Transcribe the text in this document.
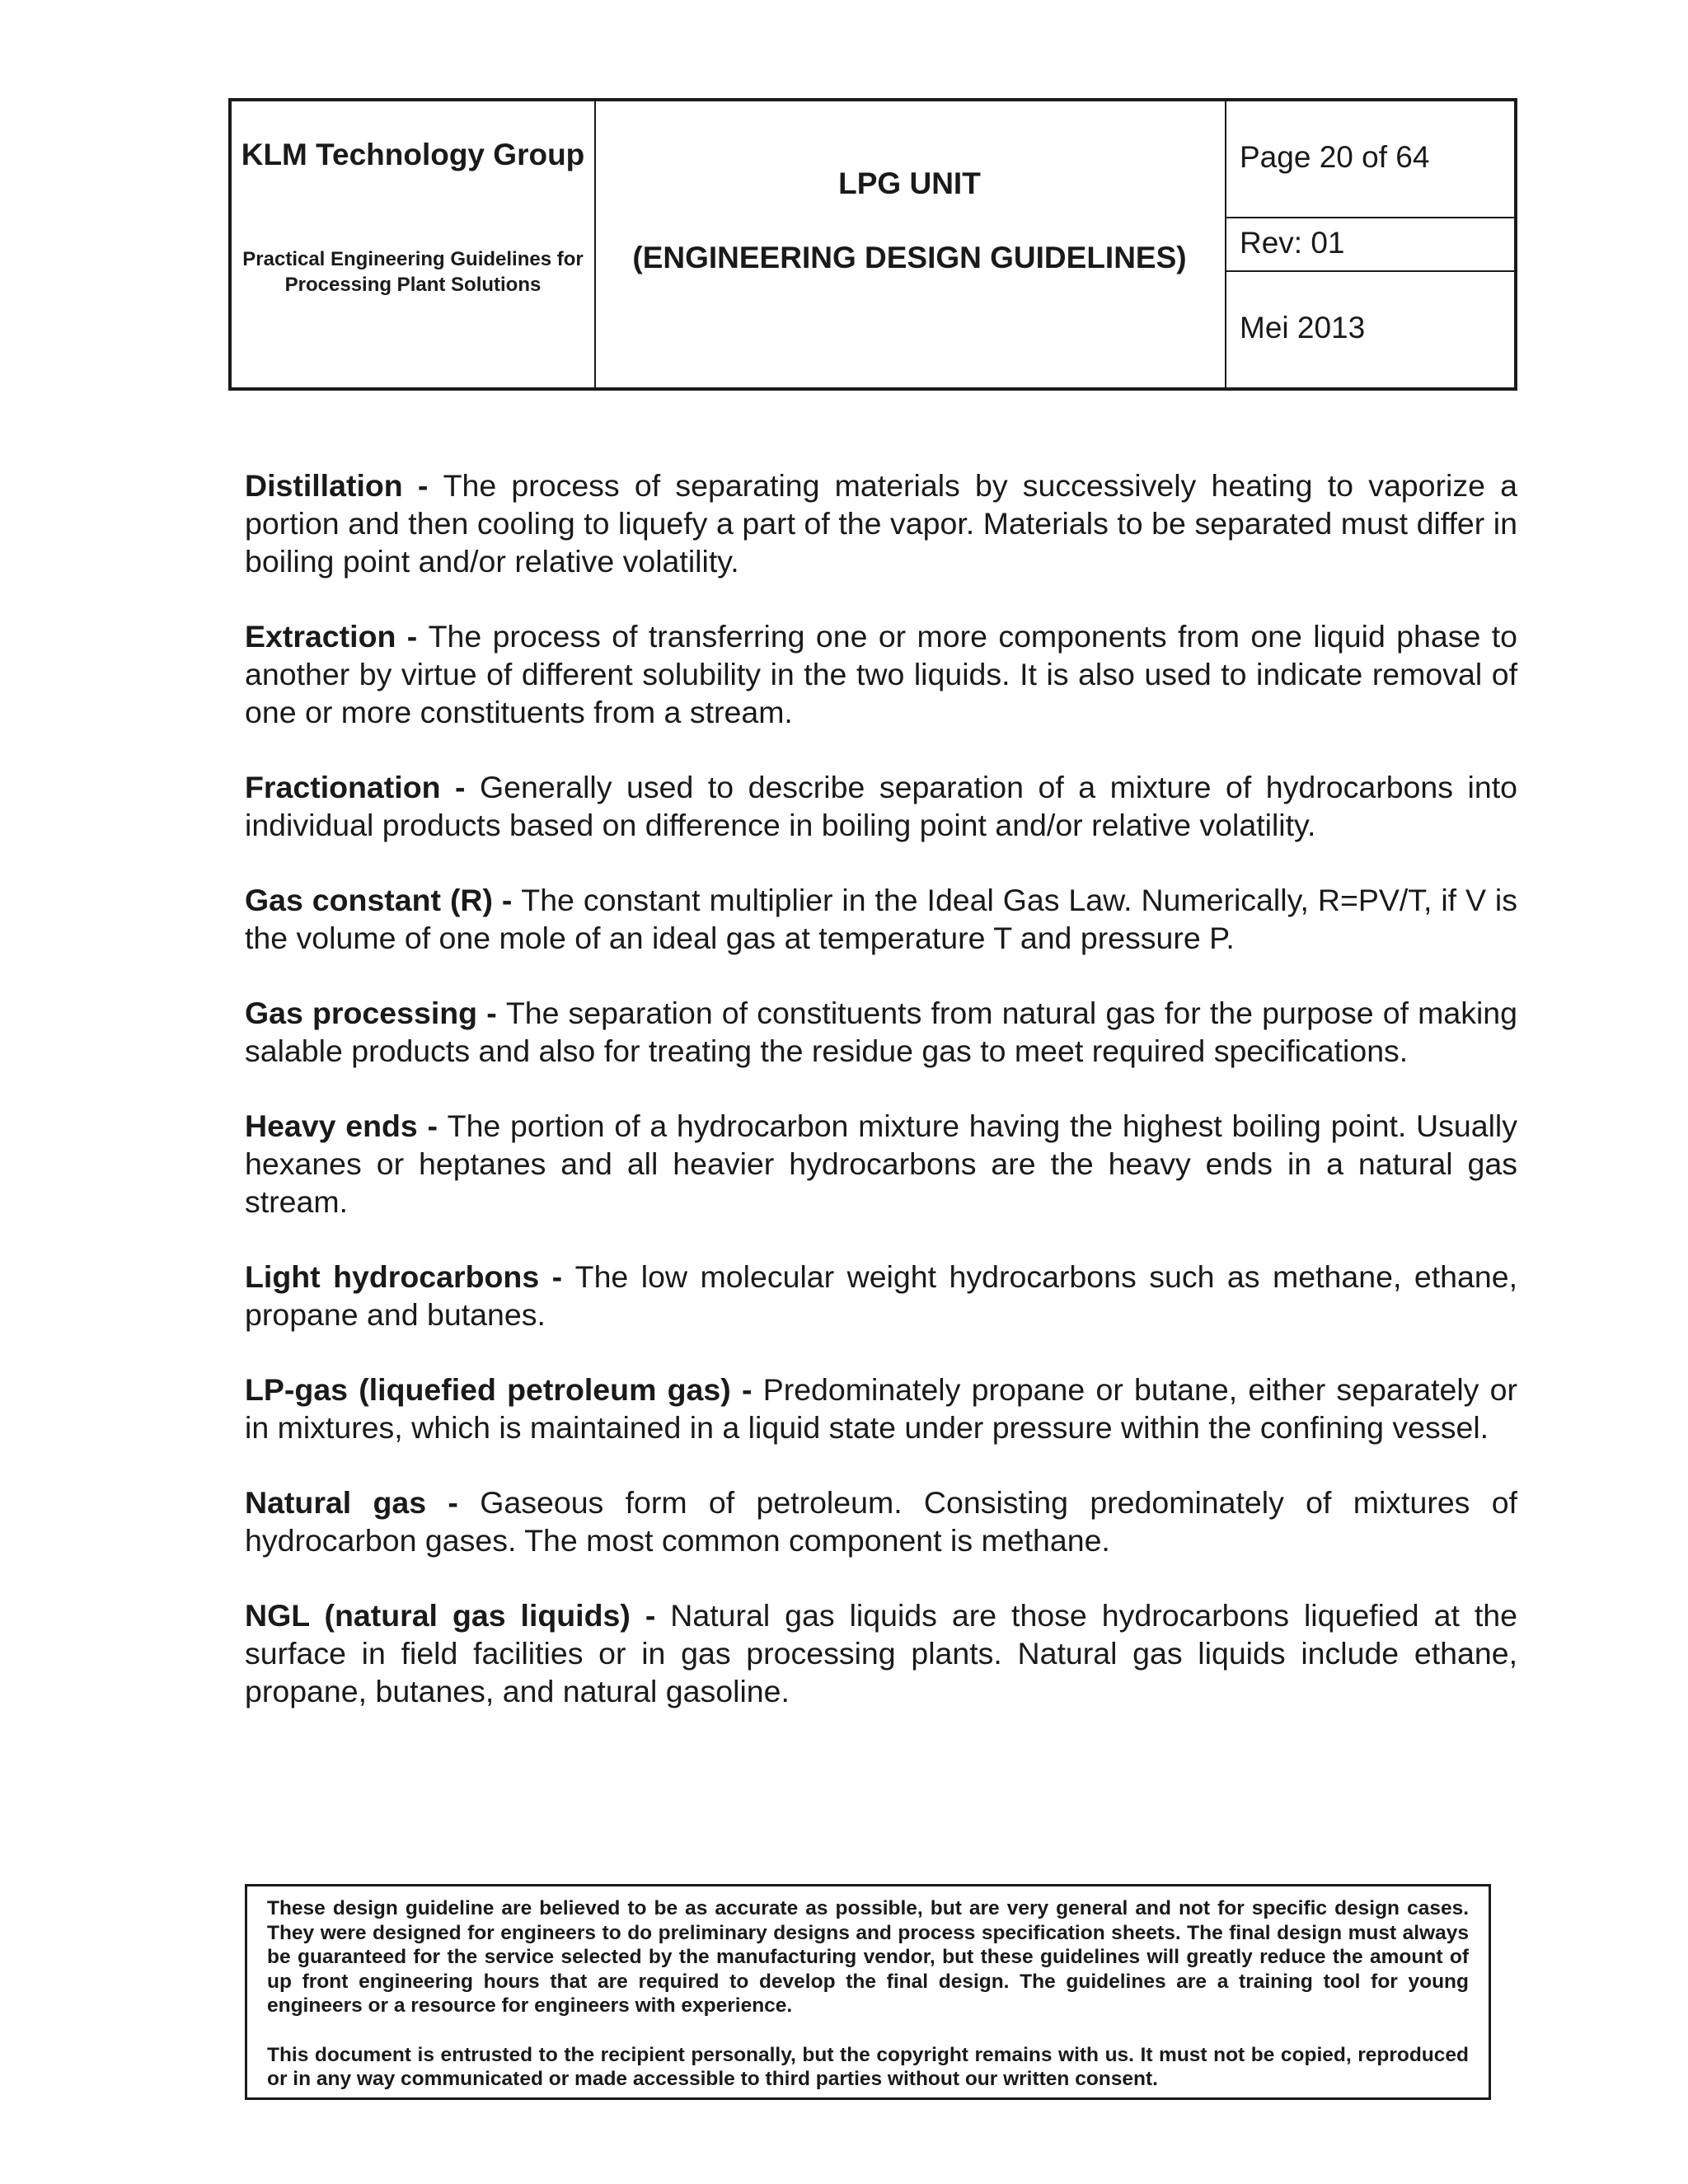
KLM Technology Group
Practical Engineering Guidelines for Processing Plant Solutions
LPG UNIT
(ENGINEERING DESIGN GUIDELINES)
Page 20 of 64
Rev: 01
Mei 2013

Distillation - The process of separating materials by successively heating to vaporize a portion and then cooling to liquefy a part of the vapor. Materials to be separated must differ in boiling point and/or relative volatility.

Extraction - The process of transferring one or more components from one liquid phase to another by virtue of different solubility in the two liquids. It is also used to indicate removal of one or more constituents from a stream.

Fractionation - Generally used to describe separation of a mixture of hydrocarbons into individual products based on difference in boiling point and/or relative volatility.

Gas constant (R) - The constant multiplier in the Ideal Gas Law. Numerically, R=PV/T, if V is the volume of one mole of an ideal gas at temperature T and pressure P.

Gas processing - The separation of constituents from natural gas for the purpose of making salable products and also for treating the residue gas to meet required specifications.

Heavy ends - The portion of a hydrocarbon mixture having the highest boiling point. Usually hexanes or heptanes and all heavier hydrocarbons are the heavy ends in a natural gas stream.

Light hydrocarbons - The low molecular weight hydrocarbons such as methane, ethane, propane and butanes.

LP-gas (liquefied petroleum gas) - Predominately propane or butane, either separately or in mixtures, which is maintained in a liquid state under pressure within the confining vessel.

Natural gas - Gaseous form of petroleum. Consisting predominately of mixtures of hydrocarbon gases. The most common component is methane.

NGL (natural gas liquids) - Natural gas liquids are those hydrocarbons liquefied at the surface in field facilities or in gas processing plants. Natural gas liquids include ethane, propane, butanes, and natural gasoline.

These design guideline are believed to be as accurate as possible, but are very general and not for specific design cases. They were designed for engineers to do preliminary designs and process specification sheets. The final design must always be guaranteed for the service selected by the manufacturing vendor, but these guidelines will greatly reduce the amount of up front engineering hours that are required to develop the final design. The guidelines are a training tool for young engineers or a resource for engineers with experience.

This document is entrusted to the recipient personally, but the copyright remains with us. It must not be copied, reproduced or in any way communicated or made accessible to third parties without our written consent.
